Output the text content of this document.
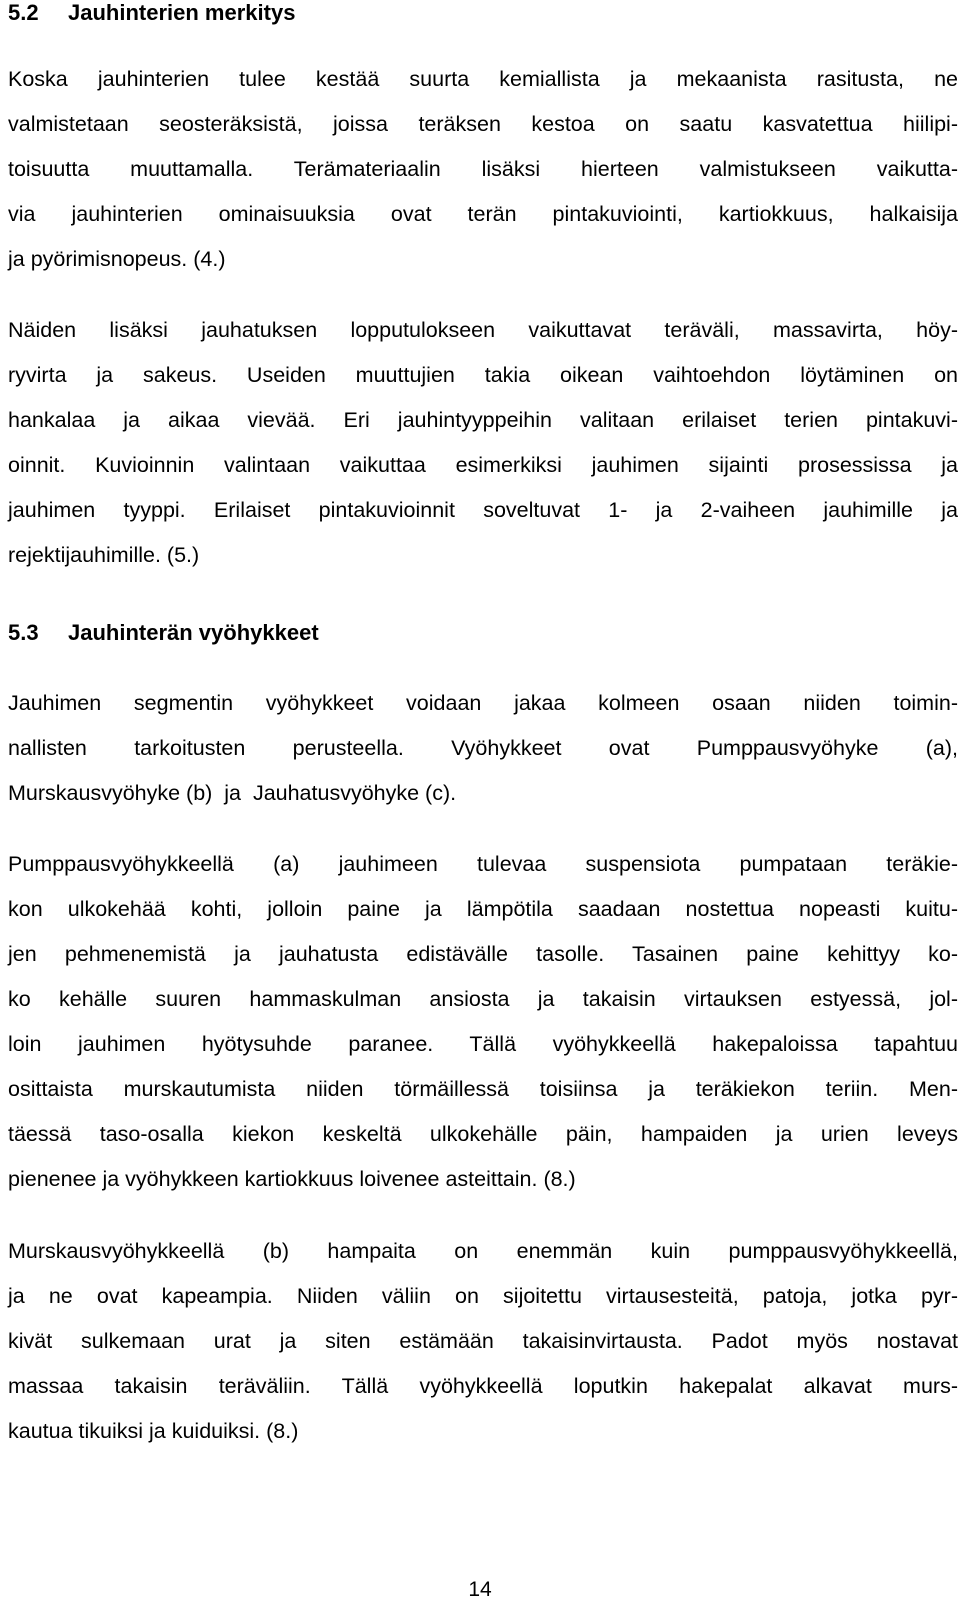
5.2 Jauhinterien merkitys
Koska jauhinterien tulee kestää suurta kemiallista ja mekaanista rasitusta, ne
valmistetaan seosteräksistä, joissa teräksen kestoa on saatu kasvatettua hiilipi-
toisuutta muuttamalla. Terämateriaalin lisäksi hierteen valmistukseen vaikutta-
via jauhinterien ominaisuuksia ovat terän pintakuviointi, kartiokkuus, halkaisija
ja pyörimisnopeus. (4.)
Näiden lisäksi jauhatuksen lopputulokseen vaikuttavat teräväli, massavirta, höy-
ryvirta ja sakeus. Useiden muuttujien takia oikean vaihtoehdon löytäminen on
hankalaa ja aikaa vievää. Eri jauhintyyppeihin valitaan erilaiset terien pintakuvi-
oinnit. Kuvioinnin valintaan vaikuttaa esimerkiksi jauhimen sijainti prosessissa ja
jauhimen tyyppi. Erilaiset pintakuvioinnit soveltuvat 1- ja 2-vaiheen jauhimille ja
rejektijauhimille. (5.)
5.3 Jauhinterän vyöhykkeet
Jauhimen segmentin vyöhykkeet voidaan jakaa kolmeen osaan niiden toimin-
nallisten tarkoitusten perusteella. Vyöhykkeet ovat Pumppausvyöhyke (a),
Murskausvyöhyke (b)  ja  Jauhatusvyöhyke (c).
Pumppausvyöhykkeellä (a) jauhimeen tulevaa suspensiota pumpataan teräkie-
kon ulkokehää kohti, jolloin paine ja lämpötila saadaan nostettua nopeasti kuitu-
jen pehmenemistä ja jauhatusta edistävälle tasolle. Tasainen paine kehittyy ko-
ko kehälle suuren hammaskulman ansiosta ja takaisin virtauksen estyessä, jol-
loin jauhimen hyötysuhde paranee. Tällä vyöhykkeellä hakepaloissa tapahtuu
osittaista murskautumista niiden törmäillessä toisiinsa ja teräkiekon teriin. Men-
täessä taso-osalla kiekon keskeltä ulkokehälle päin, hampaiden ja urien leveys
pienenee ja vyöhykkeen kartiokkuus loivenee asteittain. (8.)
Murskausvyöhykkeellä (b) hampaita on enemmän kuin pumppausvyöhykkeellä,
ja ne ovat kapeampia. Niiden väliin on sijoitettu virtausesteitä, patoja, jotka pyr-
kivät sulkemaan urat ja siten estämään takaisinvirtausta. Padot myös nostavat
massaa takaisin teräväliin. Tällä vyöhykkeellä loputkin hakepalat alkavat murs-
kautua tikuiksi ja kuiduiksi. (8.)
14
